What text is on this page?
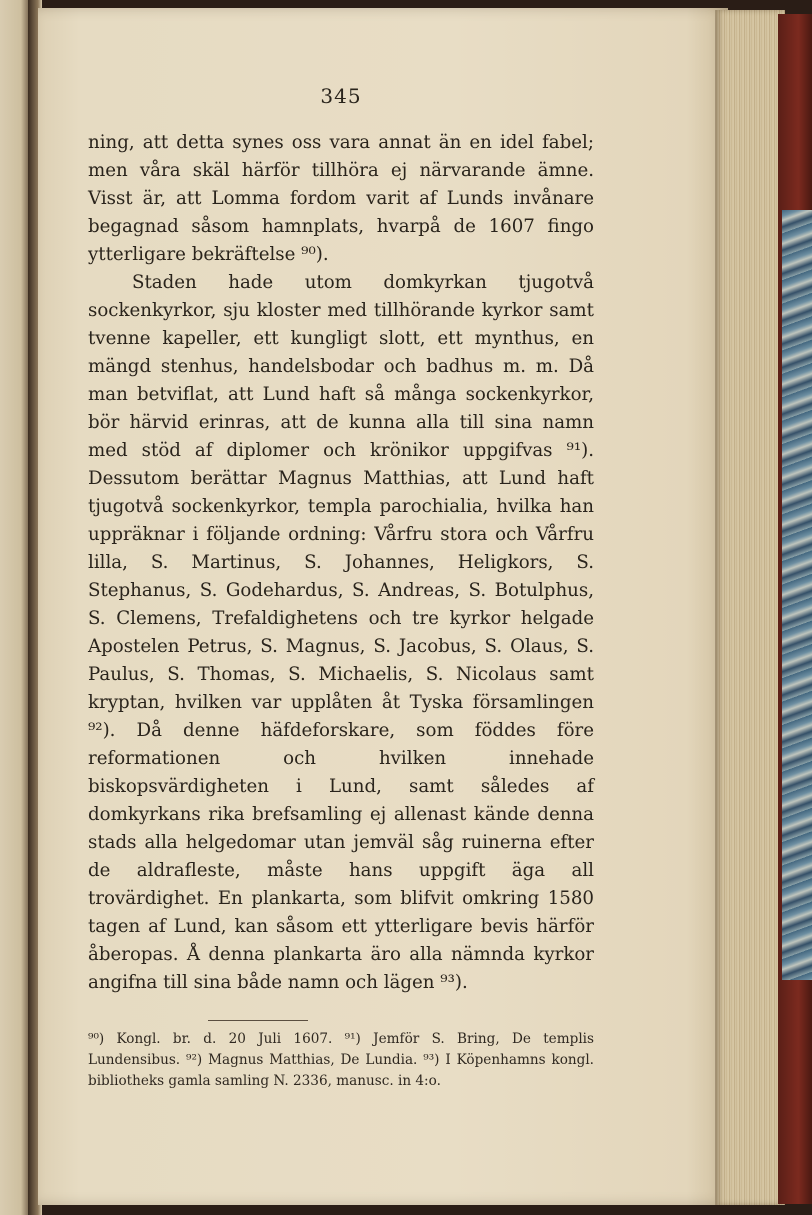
345

ning, att detta synes oss vara annat än en idel fabel; men våra skäl härför tillhöra ej närvarande ämne. Visst är, att Lomma fordom varit af Lunds invånare begagnad såsom hamnplats, hvarpå de 1607 fingo ytterligare bekräftelse ⁹⁰).

Staden hade utom domkyrkan tjugotvå sockenkyrkor, sju kloster med tillhörande kyrkor samt tvenne kapeller, ett kungligt slott, ett mynthus, en mängd stenhus, handelsbodar och badhus m. m. Då man betviflat, att Lund haft så många sockenkyrkor, bör härvid erinras, att de kunna alla till sina namn med stöd af diplomer och krönikor uppgifvas ⁹¹). Dessutom berättar Magnus Matthias, att Lund haft tjugotvå sockenkyrkor, templa parochialia, hvilka han uppräknar i följande ordning: Vårfru stora och Vårfru lilla, S. Martinus, S. Johannes, Heligkors, S. Stephanus, S. Godehardus, S. Andreas, S. Botulphus, S. Clemens, Trefaldighetens och tre kyrkor helgade Apostelen Petrus, S. Magnus, S. Jacobus, S. Olaus, S. Paulus, S. Thomas, S. Michaelis, S. Nicolaus samt kryptan, hvilken var upplåten åt Tyska församlingen ⁹²). Då denne häfdeforskare, som föddes före reformationen och hvilken innehade biskopsvärdigheten i Lund, samt således af domkyrkans rika brefsamling ej allenast kände denna stads alla helgedomar utan jemväl såg ruinerna efter de aldrafleste, måste hans uppgift äga all trovärdighet. En plankarta, som blifvit omkring 1580 tagen af Lund, kan såsom ett ytterligare bevis härför åberopas. Å denna plankarta äro alla nämnda kyrkor angifna till sina både namn och lägen ⁹³).

⁹⁰) Kongl. br. d. 20 Juli 1607. ⁹¹) Jemför S. Bring, De templis Lundensibus. ⁹²) Magnus Matthias, De Lundia. ⁹³) I Köpenhamns kongl. bibliotheks gamla samling N. 2336, manusc. in 4:o.
